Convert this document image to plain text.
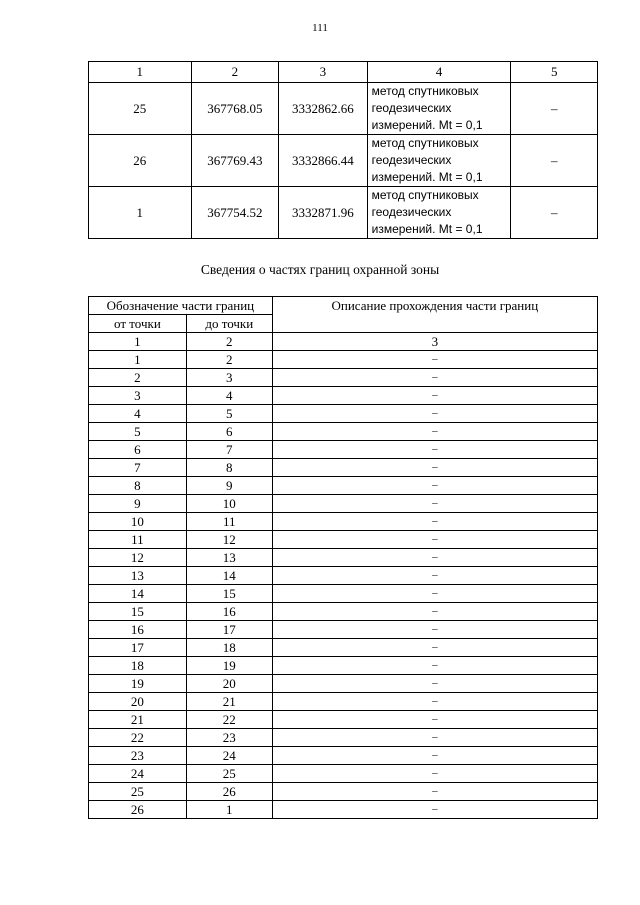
111
1	2	3	4	5
25	367768.05	3332862.66	метод спутниковых
геодезических
измерений. Mt = 0,1	–
26	367769.43	3332866.44	метод спутниковых
геодезических
измерений. Mt = 0,1	–
1	367754.52	3332871.96	метод спутниковых
геодезических
измерений. Mt = 0,1	–
Сведения о частях границ охранной зоны
Обозначение части границ		Описание прохождения части границ
от точки	до точки	
1	2	3
1	2	–
2	3	–
3	4	–
4	5	–
5	6	–
6	7	–
7	8	–
8	9	–
9	10	–
10	11	–
11	12	–
12	13	–
13	14	–
14	15	–
15	16	–
16	17	–
17	18	–
18	19	–
19	20	–
20	21	–
21	22	–
22	23	–
23	24	–
24	25	–
25	26	–
26	1	–
